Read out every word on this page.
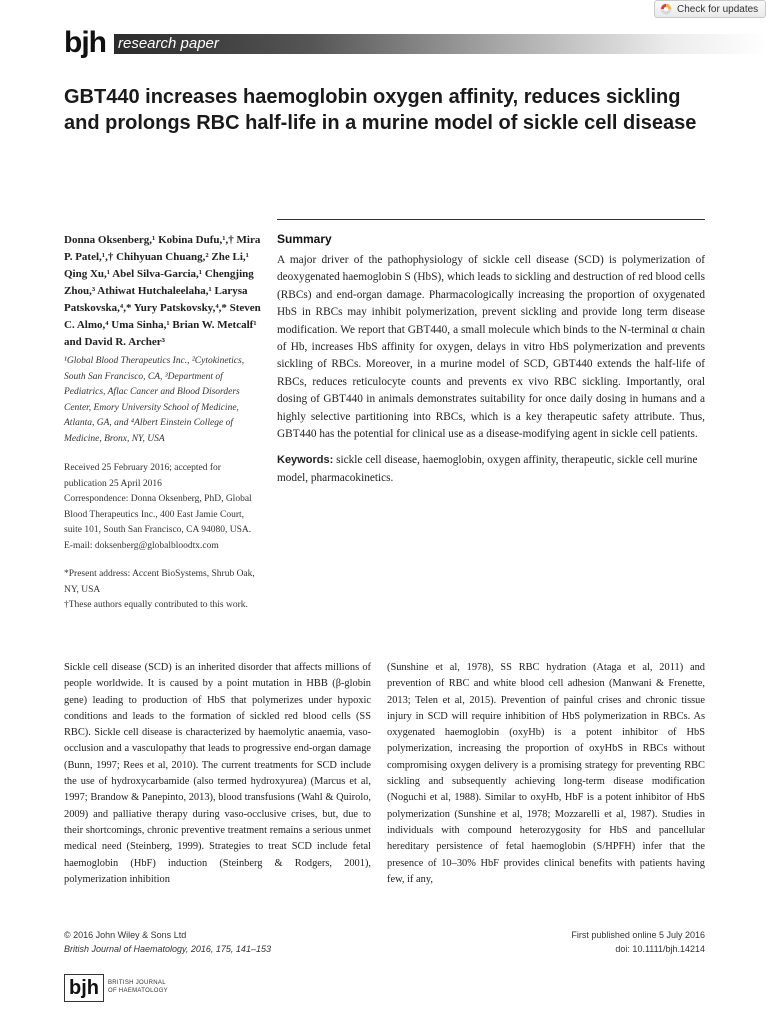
Check for updates
bjh research paper
GBT440 increases haemoglobin oxygen affinity, reduces sickling and prolongs RBC half-life in a murine model of sickle cell disease

Donna Oksenberg,¹ Kobina Dufu,¹,† Mira P. Patel,¹,† Chihyuan Chuang,² Zhe Li,¹ Qing Xu,¹ Abel Silva-Garcia,¹ Chengjing Zhou,³ Athiwat Hutchaleelaha,¹ Larysa Patskovska,⁴,* Yury Patskovsky,⁴,* Steven C. Almo,⁴ Uma Sinha,¹ Brian W. Metcalf¹ and David R. Archer³

¹Global Blood Therapeutics Inc., ²Cytokinetics, South San Francisco, CA, ³Department of Pediatrics, Aflac Cancer and Blood Disorders Center, Emory University School of Medicine, Atlanta, GA, and ⁴Albert Einstein College of Medicine, Bronx, NY, USA

Received 25 February 2016; accepted for publication 25 April 2016

Correspondence: Donna Oksenberg, PhD, Global Blood Therapeutics Inc., 400 East Jamie Court, suite 101, South San Francisco, CA 94080, USA.

E-mail: doksenberg@globalbloodtx.com

*Present address: Accent BioSystems, Shrub Oak, NY, USA

†These authors equally contributed to this work.

Summary

A major driver of the pathophysiology of sickle cell disease (SCD) is polymerization of deoxygenated haemoglobin S (HbS), which leads to sickling and destruction of red blood cells (RBCs) and end-organ damage. Pharmacologically increasing the proportion of oxygenated HbS in RBCs may inhibit polymerization, prevent sickling and provide long term disease modification. We report that GBT440, a small molecule which binds to the N-terminal α chain of Hb, increases HbS affinity for oxygen, delays in vitro HbS polymerization and prevents sickling of RBCs. Moreover, in a murine model of SCD, GBT440 extends the half-life of RBCs, reduces reticulocyte counts and prevents ex vivo RBC sickling. Importantly, oral dosing of GBT440 in animals demonstrates suitability for once daily dosing in humans and a highly selective partitioning into RBCs, which is a key therapeutic safety attribute. Thus, GBT440 has the potential for clinical use as a disease-modifying agent in sickle cell patients.

Keywords: sickle cell disease, haemoglobin, oxygen affinity, therapeutic, sickle cell murine model, pharmacokinetics.

Sickle cell disease (SCD) is an inherited disorder that affects millions of people worldwide. It is caused by a point mutation in HBB (β-globin gene) leading to production of HbS that polymerizes under hypoxic conditions and leads to the formation of sickled red blood cells (SS RBC). Sickle cell disease is characterized by haemolytic anaemia, vaso-occlusion and a vasculopathy that leads to progressive end-organ damage (Bunn, 1997; Rees et al, 2010). The current treatments for SCD include the use of hydroxycarbamide (also termed hydroxyurea) (Marcus et al, 1997; Brandow & Panepinto, 2013), blood transfusions (Wahl & Quirolo, 2009) and palliative therapy during vaso-occlusive crises, but, due to their shortcomings, chronic preventive treatment remains a serious unmet medical need (Steinberg, 1999). Strategies to treat SCD include fetal haemoglobin (HbF) induction (Steinberg & Rodgers, 2001), polymerization inhibition

(Sunshine et al, 1978), SS RBC hydration (Ataga et al, 2011) and prevention of RBC and white blood cell adhesion (Manwani & Frenette, 2013; Telen et al, 2015). Prevention of painful crises and chronic tissue injury in SCD will require inhibition of HbS polymerization in RBCs. As oxygenated haemoglobin (oxyHb) is a potent inhibitor of HbS polymerization, increasing the proportion of oxyHbS in RBCs without compromising oxygen delivery is a promising strategy for preventing RBC sickling and subsequently achieving long-term disease modification (Noguchi et al, 1988). Similar to oxyHb, HbF is a potent inhibitor of HbS polymerization (Sunshine et al, 1978; Mozzarelli et al, 1987). Studies in individuals with compound heterozygosity for HbS and pancellular hereditary persistence of fetal haemoglobin (S/HPFH) infer that the presence of 10–30% HbF provides clinical benefits with patients having few, if any,

© 2016 John Wiley & Sons Ltd
British Journal of Haematology, 2016, 175, 141–153
First published online 5 July 2016
doi: 10.1111/bjh.14214
bjh	BRITISH JOURNAL
OF HAEMATOLOGY
